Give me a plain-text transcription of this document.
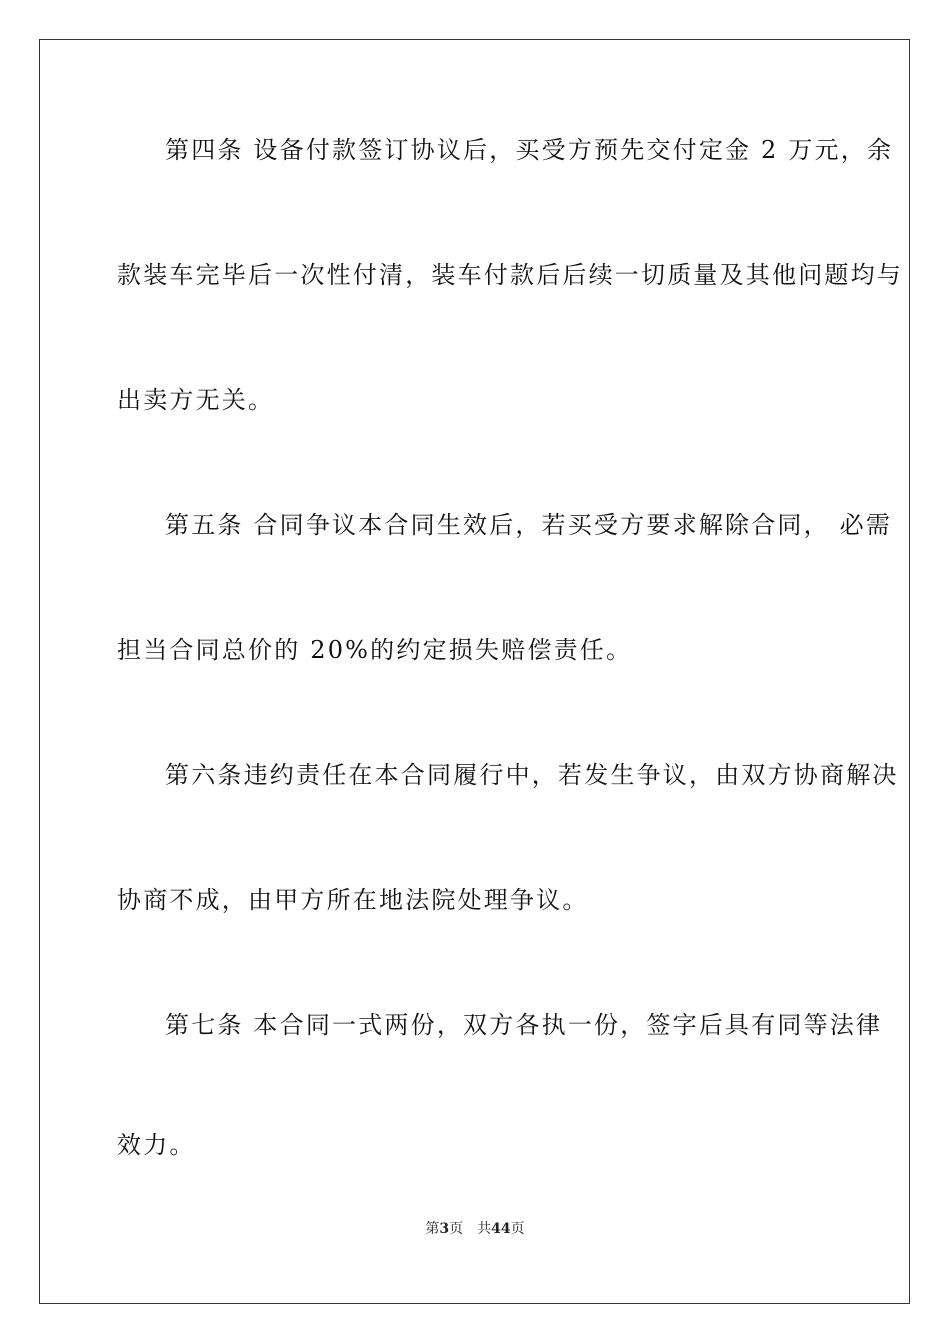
第四条 设备付款签订协议后，买受方预先交付定金 2 万元，余
款装车完毕后一次性付清，装车付款后后续一切质量及其他问题均与
出卖方无关。
第五条 合同争议本合同生效后，若买受方要求解除合同， 必需
担当合同总价的 20%的约定损失赔偿责任。
第六条违约责任在本合同履行中，若发生争议，由双方协商解决
协商不成，由甲方所在地法院处理争议。
第七条 本合同一式两份，双方各执一份，签字后具有同等法律
效力。
第3页 共44页
